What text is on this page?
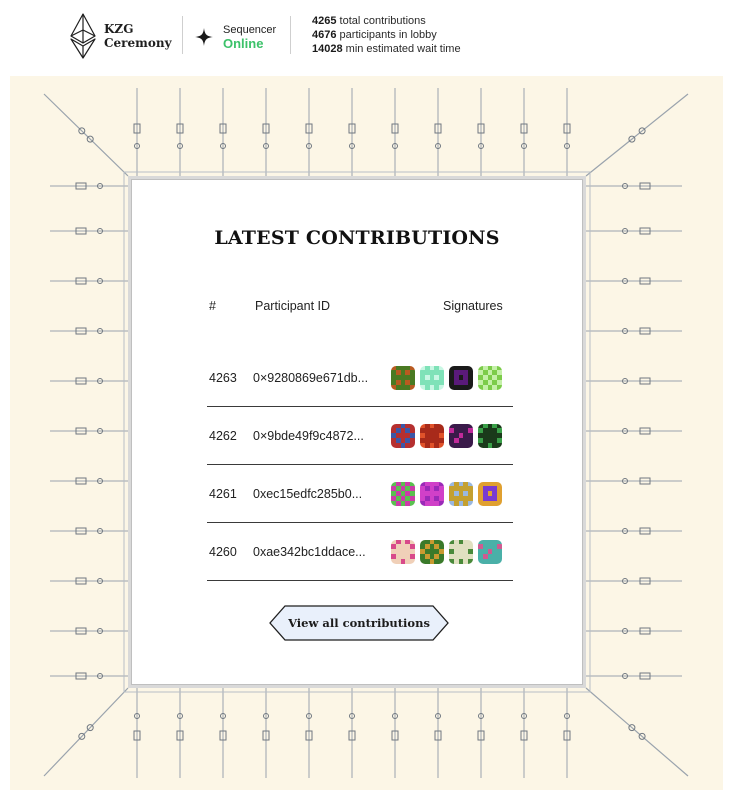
KZG
Ceremony
Sequencer
Online
4265 total contributions
4676 participants in lobby
14028 min estimated wait time
LATEST CONTRIBUTIONS
#	Participant ID	Signatures
4263 0×9280869e671db...
4262 0×9bde49f9c4872...
4261 0xec15edfc285b0...
4260 0xae342bc1ddace...
View all contributions
